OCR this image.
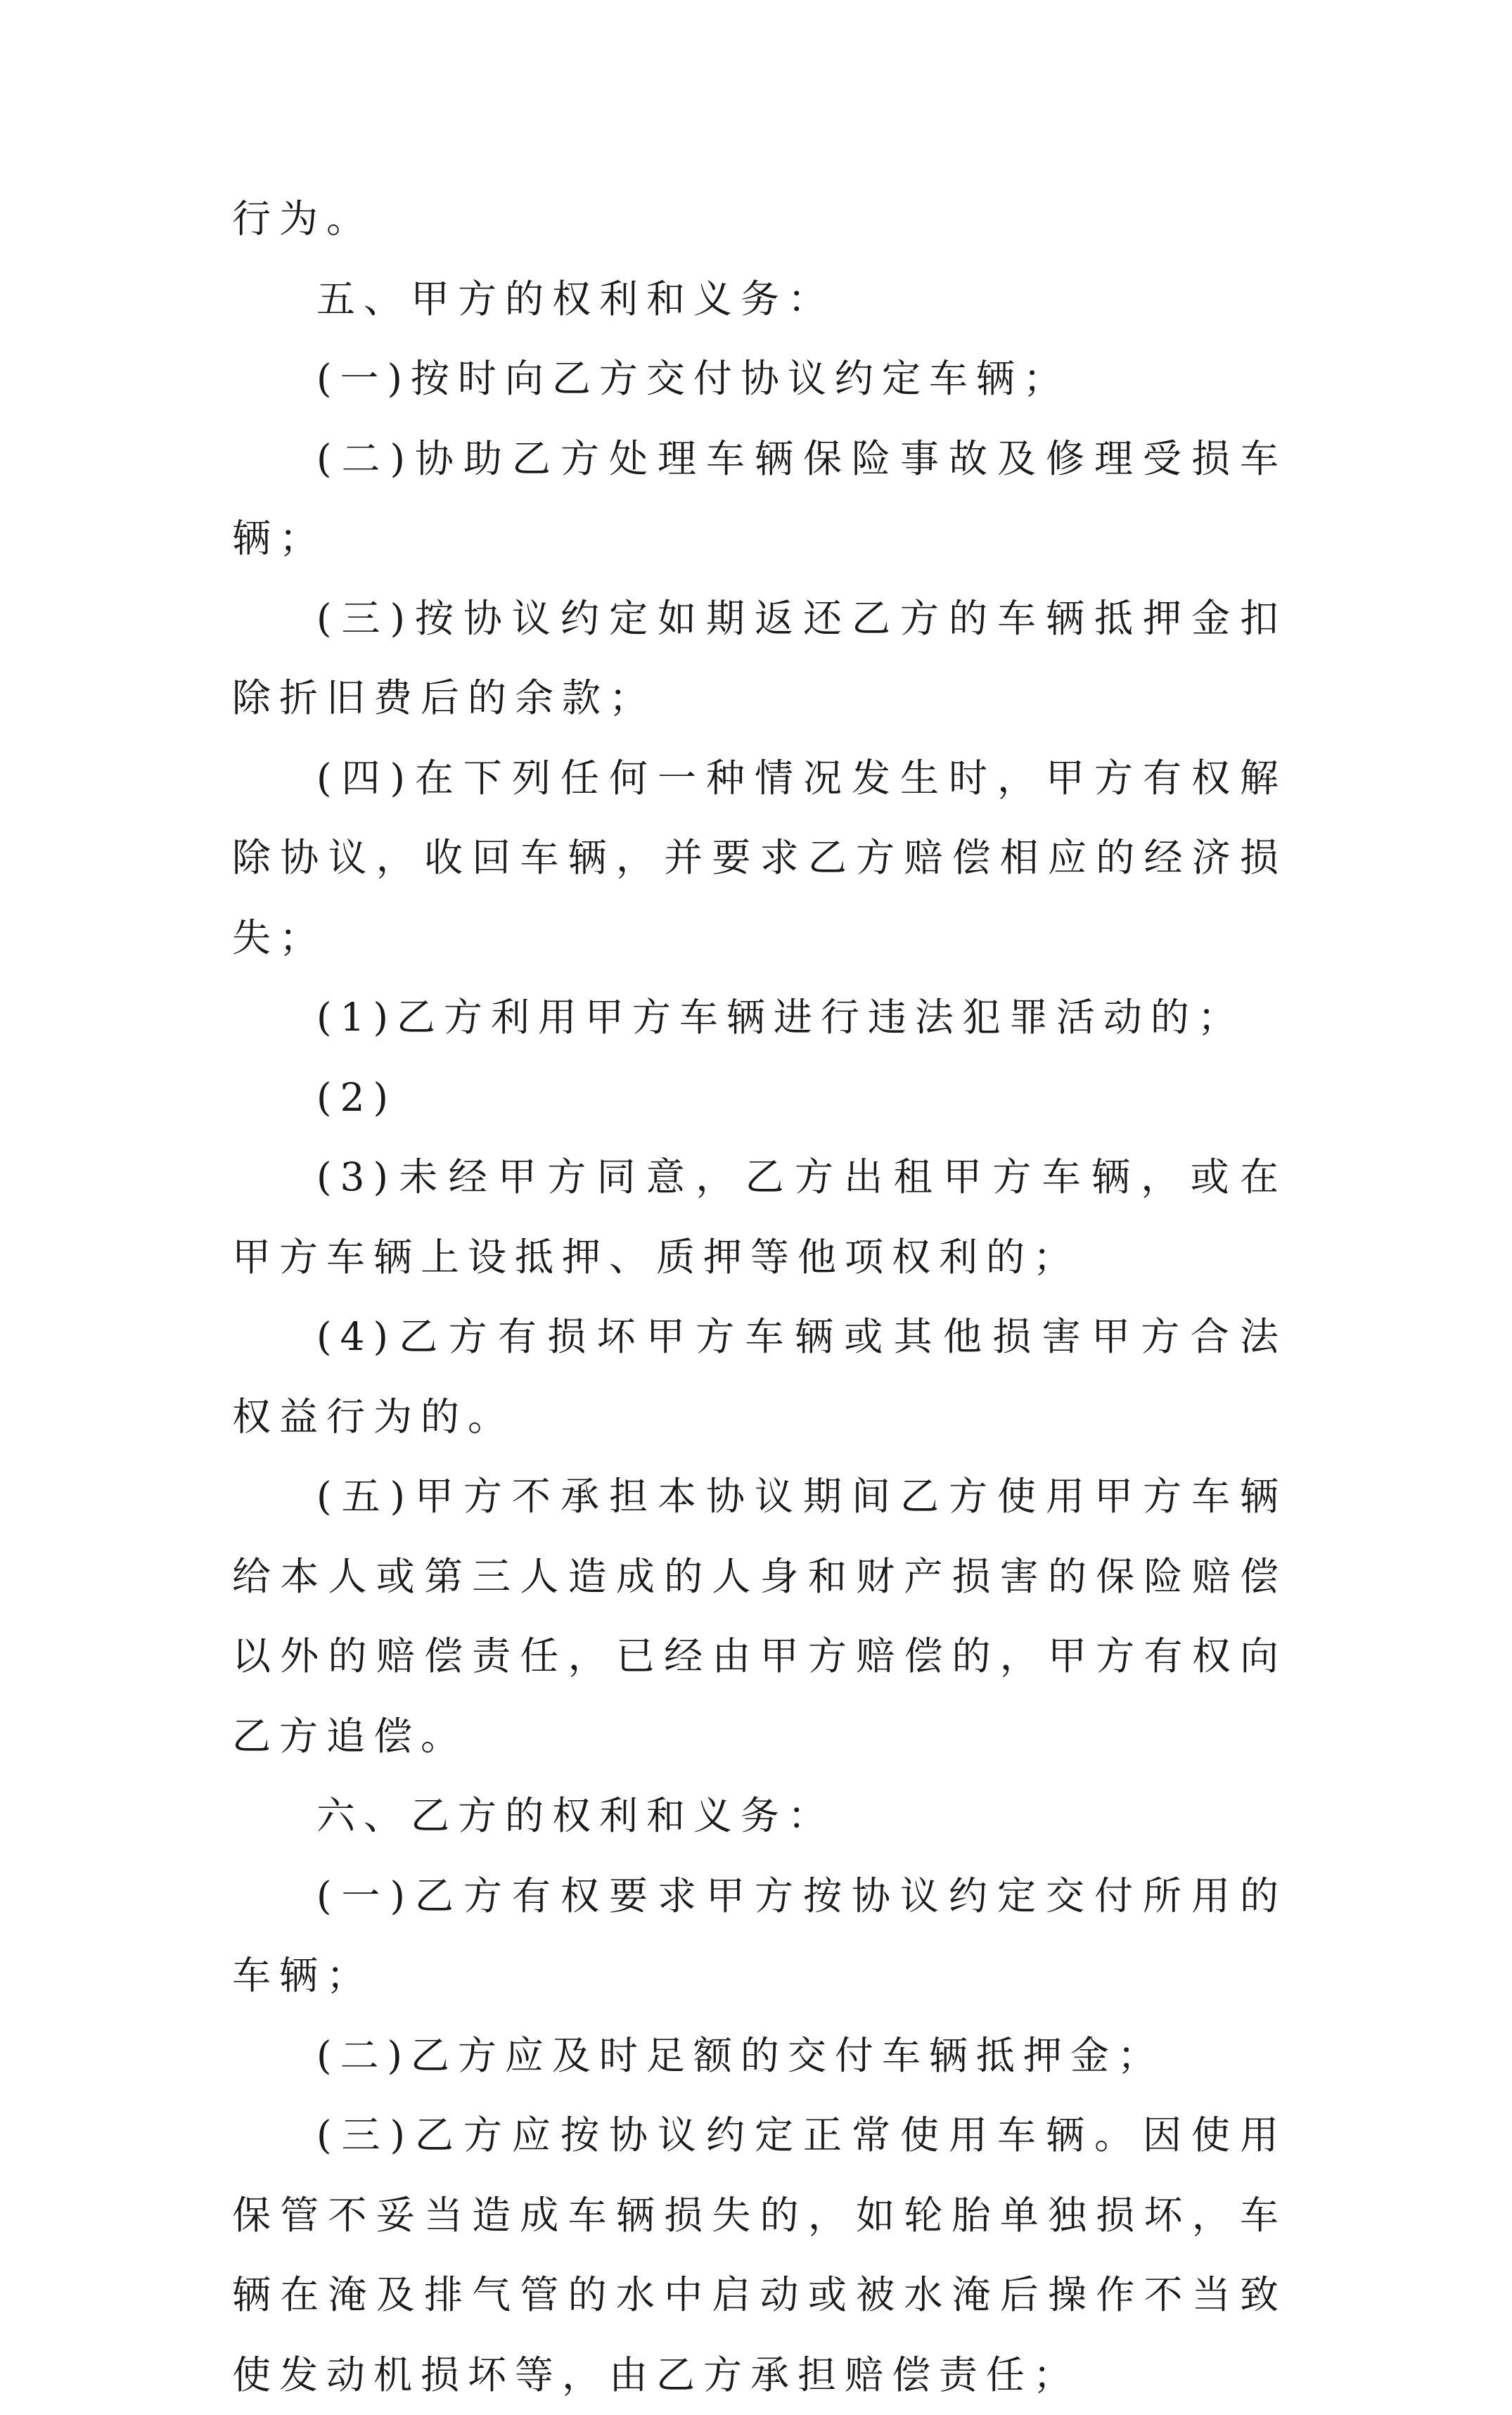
行为。

五、甲方的权利和义务：

(一)按时向乙方交付协议约定车辆；

(二)协助乙方处理车辆保险事故及修理受损车辆；

(三)按协议约定如期返还乙方的车辆抵押金扣除折旧费后的余款；

(四)在下列任何一种情况发生时，甲方有权解除协议，收回车辆，并要求乙方赔偿相应的经济损失；

(1)乙方利用甲方车辆进行违法犯罪活动的；

(2)

(3)未经甲方同意，乙方出租甲方车辆，或在甲方车辆上设抵押、质押等他项权利的；

(4)乙方有损坏甲方车辆或其他损害甲方合法权益行为的。

(五)甲方不承担本协议期间乙方使用甲方车辆给本人或第三人造成的人身和财产损害的保险赔偿以外的赔偿责任，已经由甲方赔偿的，甲方有权向乙方追偿。

六、乙方的权利和义务：

(一)乙方有权要求甲方按协议约定交付所用的车辆；

(二)乙方应及时足额的交付车辆抵押金；

(三)乙方应按协议约定正常使用车辆。因使用保管不妥当造成车辆损失的，如轮胎单独损坏，车辆在淹及排气管的水中启动或被水淹后操作不当致使发动机损坏等，由乙方承担赔偿责任；
